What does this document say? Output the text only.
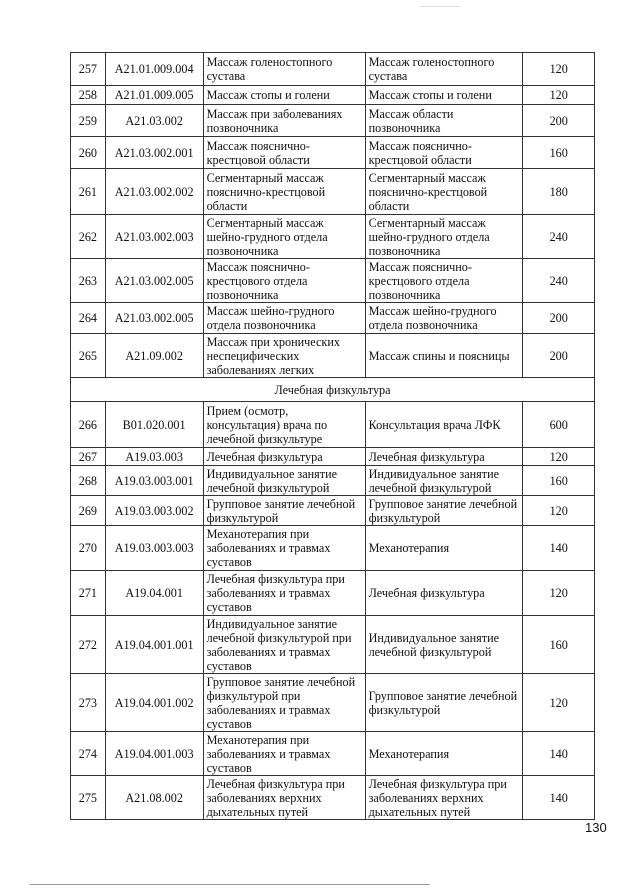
257	A21.01.009.004	Массаж голеностопного сустава	Массаж голеностопного сустава	120
258	A21.01.009.005	Массаж стопы и голени	Массаж стопы и голени	120
259	A21.03.002	Массаж при заболеваниях позвоночника	Массаж области позвоночника	200
260	A21.03.002.001	Массаж пояснично-крестцовой области	Массаж пояснично-крестцовой области	160
261	A21.03.002.002	Сегментарный массаж пояснично-крестцовой области	Сегментарный массаж пояснично-крестцовой области	180
262	A21.03.002.003	Сегментарный массаж шейно-грудного отдела позвоночника	Сегментарный массаж шейно-грудного отдела позвоночника	240
263	A21.03.002.005	Массаж пояснично-крестцового отдела позвоночника	Массаж пояснично-крестцового отдела позвоночника	240
264	A21.03.002.005	Массаж шейно-грудного отдела позвоночника	Массаж шейно-грудного отдела позвоночника	200
265	A21.09.002	Массаж при хронических неспецифических заболеваниях легких	Массаж спины и поясницы	200
Лечебная физкультура				
266	B01.020.001	Прием (осмотр, консультация) врача по лечебной физкультуре	Консультация врача ЛФК	600
267	A19.03.003	Лечебная физкультура	Лечебная физкультура	120
268	A19.03.003.001	Индивидуальное занятие лечебной физкультурой	Индивидуальное занятие лечебной физкультурой	160
269	A19.03.003.002	Групповое занятие лечебной физкультурой	Групповое занятие лечебной физкультурой	120
270	A19.03.003.003	Механотерапия при заболеваниях и травмах суставов	Механотерапия	140
271	A19.04.001	Лечебная физкультура при заболеваниях и травмах суставов	Лечебная физкультура	120
272	A19.04.001.001	Индивидуальное занятие лечебной физкультурой при заболеваниях и травмах суставов	Индивидуальное занятие лечебной физкультурой	160
273	A19.04.001.002	Групповое занятие лечебной физкультурой при заболеваниях и травмах суставов	Групповое занятие лечебной физкультурой	120
274	A19.04.001.003	Механотерапия при заболеваниях и травмах суставов	Механотерапия	140
275	A21.08.002	Лечебная физкультура при заболеваниях верхних дыхательных путей	Лечебная физкультура при заболеваниях верхних дыхательных путей	140
130
